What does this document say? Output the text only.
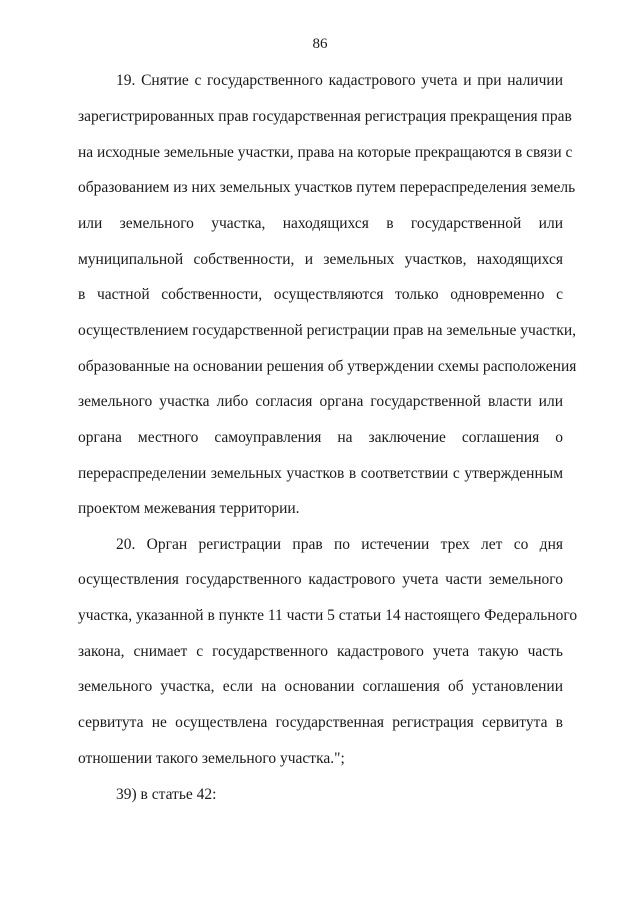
86
19. Снятие с государственного кадастрового учета и при наличии
зарегистрированных прав государственная регистрация прекращения прав
на исходные земельные участки, права на которые прекращаются в связи с
образованием из них земельных участков путем перераспределения земель
или земельного участка, находящихся в государственной или
муниципальной собственности, и земельных участков, находящихся
в частной собственности, осуществляются только одновременно с
осуществлением государственной регистрации прав на земельные участки,
образованные на основании решения об утверждении схемы расположения
земельного участка либо согласия органа государственной власти или
органа местного самоуправления на заключение соглашения о
перераспределении земельных участков в соответствии с утвержденным
проектом межевания территории.
20. Орган регистрации прав по истечении трех лет со дня
осуществления государственного кадастрового учета части земельного
участка, указанной в пункте 11 части 5 статьи 14 настоящего Федерального
закона, снимает с государственного кадастрового учета такую часть
земельного участка, если на основании соглашения об установлении
сервитута не осуществлена государственная регистрация сервитута в
отношении такого земельного участка.";
39) в статье 42:
